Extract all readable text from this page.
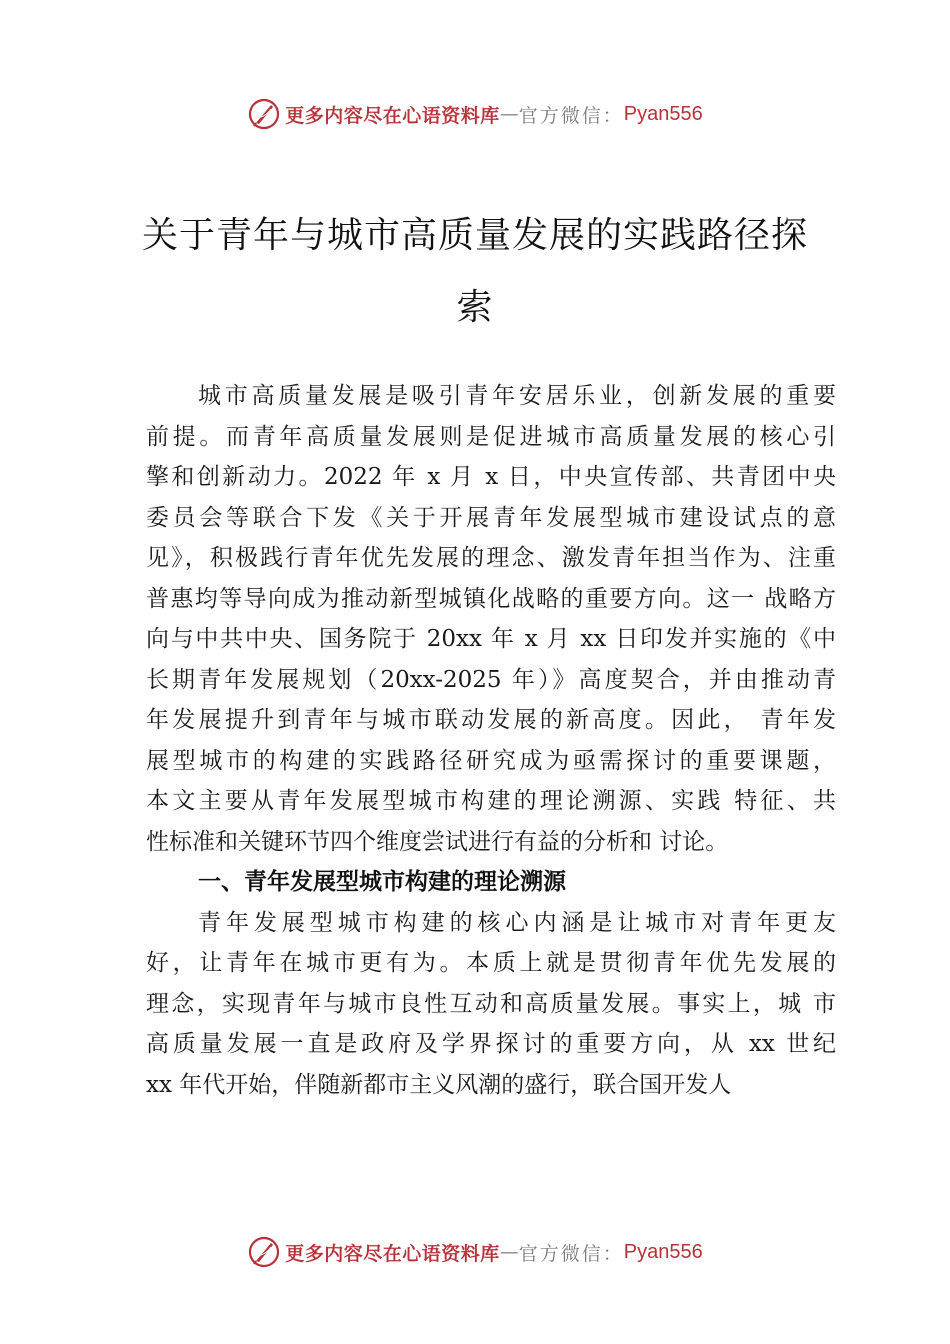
更多内容尽在心语资料库 — 官方微信： Pyan556
关于青年与城市高质量发展的实践路径探
索
城市高质量发展是吸引青年安居乐业，创新发展的重要
前提。而青年高质量发展则是促进城市高质量发展的核心引
擎和创新动力。2022 年 x 月 x 日，中央宣传部、共青团中央
委员会等联合下发《关于开展青年发展型城市建设试点的意
见》，积极践行青年优先发展的理念、激发青年担当作为、注重
普惠均等导向成为推动新型城镇化战略的重要方向。这一 战略方
向与中共中央、国务院于 20xx 年 x 月 xx 日印发并实施的《中
长期青年发展规划（20xx-2025 年）》高度契合，并由推动青
年发展提升到青年与城市联动发展的新高度。因此， 青年发
展型城市的构建的实践路径研究成为亟需探讨的重要课题，
本文主要从青年发展型城市构建的理论溯源、实践 特征、共
性标准和关键环节四个维度尝试进行有益的分析和 讨论。
一、青年发展型城市构建的理论溯源
青年发展型城市构建的核心内涵是让城市对青年更友
好，让青年在城市更有为。本质上就是贯彻青年优先发展的
理念，实现青年与城市良性互动和高质量发展。事实上，城 市
高质量发展一直是政府及学界探讨的重要方向，从 xx 世纪
xx 年代开始，伴随新都市主义风潮的盛行，联合国开发人
更多内容尽在心语资料库 — 官方微信： Pyan556
